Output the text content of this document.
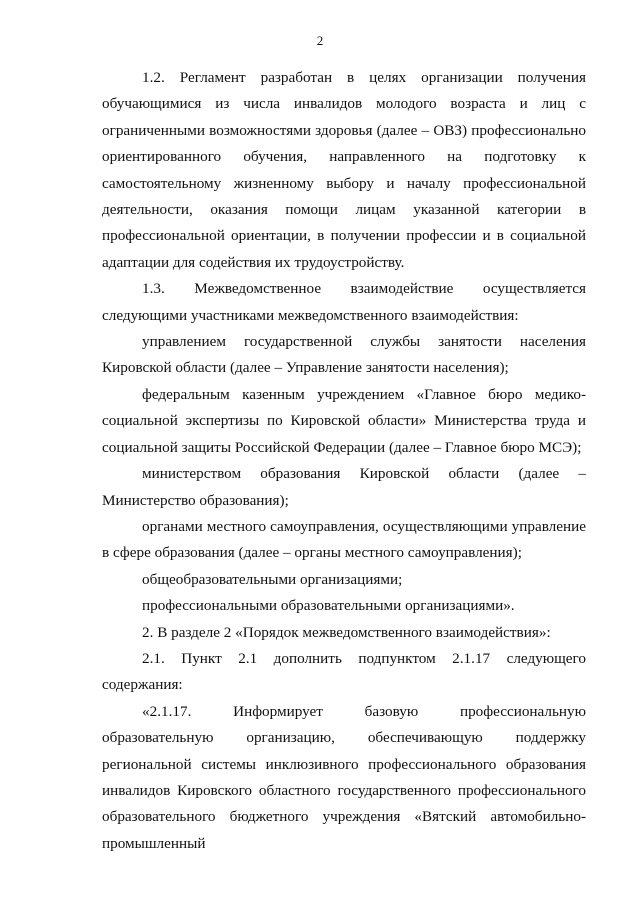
2

1.2. Регламент разработан в целях организации получения обучающимися из числа инвалидов молодого возраста и лиц с ограниченными возможностями здоровья (далее – ОВЗ) профессионально ориентированного обучения, направленного на подготовку к самостоятельному жизненному выбору и началу профессиональной деятельности, оказания помощи лицам указанной категории в профессиональной ориентации, в получении профессии и в социальной адаптации для содействия их трудоустройству.

1.3. Межведомственное взаимодействие осуществляется следующими участниками межведомственного взаимодействия:

управлением государственной службы занятости населения Кировской области (далее – Управление занятости населения);

федеральным казенным учреждением «Главное бюро медико-социальной экспертизы по Кировской области» Министерства труда и социальной защиты Российской Федерации (далее – Главное бюро МСЭ);

министерством образования Кировской области (далее – Министерство образования);

органами местного самоуправления, осуществляющими управление в сфере образования (далее – органы местного самоуправления);

общеобразовательными организациями;

профессиональными образовательными организациями».

2. В разделе 2 «Порядок межведомственного взаимодействия»:

2.1. Пункт 2.1 дополнить подпунктом 2.1.17 следующего содержания:

«2.1.17. Информирует базовую профессиональную образовательную организацию, обеспечивающую поддержку региональной системы инклюзивного профессионального образования инвалидов Кировского областного государственного профессионального образовательного бюджетного учреждения «Вятский автомобильно-промышленный
